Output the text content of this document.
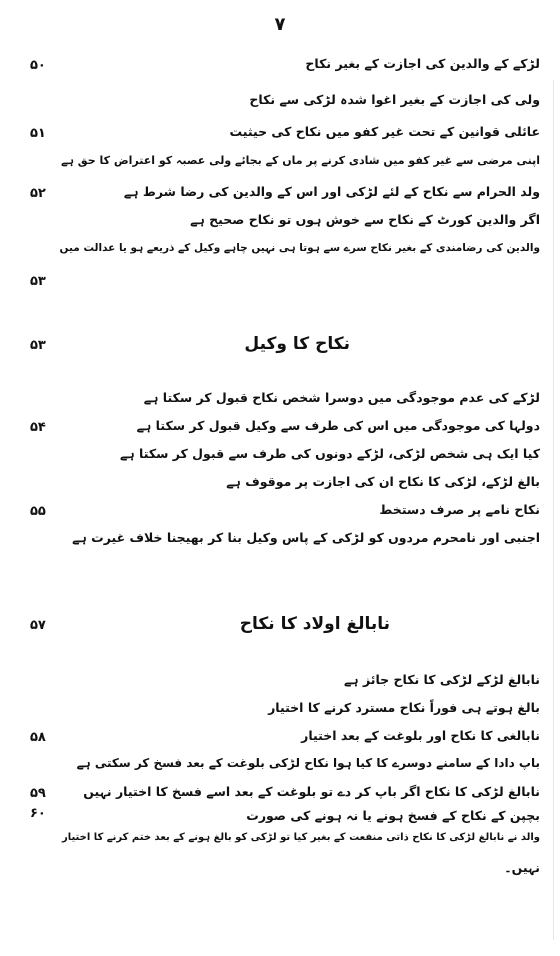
۷
لڑکے کے والدین کی اجازت کے بغیر نکاح
۵۰
ولی کی اجازت کے بغیر اغوا شدہ لڑکی سے نکاح
عائلی قوانین کے تحت غیر کفو میں نکاح کی حیثیت
۵۱
اپنی مرضی سے غیر کفو میں شادی کرنے پر ماں کے بجائے ولی عصبہ کو اعتراض کا حق ہے
ولد الحرام سے نکاح کے لئے لڑکی اور اس کے والدین کی رضا شرط ہے
۵۲
اگر والدین کورٹ کے نکاح سے خوش ہوں تو نکاح صحیح ہے
والدین کی رضامندی کے بغیر نکاح سرے سے ہوتا ہی نہیں چاہے وکیل کے ذریعے ہو یا عدالت میں
۵۳
نکاح کا وکیل
۵۳
لڑکے کی عدم موجودگی میں دوسرا شخص نکاح قبول کر سکتا ہے
دولہا کی موجودگی میں اس کی طرف سے وکیل قبول کر سکتا ہے
۵۴
کیا ایک ہی شخص لڑکی، لڑکے دونوں کی طرف سے قبول کر سکتا ہے
بالغ لڑکے، لڑکی کا نکاح ان کی اجازت پر موقوف ہے
نکاح نامے پر صرف دستخط
۵۵
اجنبی اور نامحرم مردوں کو لڑکی کے پاس وکیل بنا کر بھیجنا خلاف غیرت ہے
نابالغ اولاد کا نکاح
۵۷
نابالغ لڑکے لڑکی کا نکاح جائز ہے
بالغ ہوتے ہی فوراً نکاح مسترد کرنے کا اختیار
نابالغی کا نکاح اور بلوغت کے بعد اختیار
۵۸
باپ دادا کے سامنے دوسرے کا کیا ہوا نکاح لڑکی بلوغت کے بعد فسخ کر سکتی ہے
نابالغ لڑکی کا نکاح اگر باپ کر دے تو بلوغت کے بعد اسے فسخ کا اختیار نہیں
۵۹
بچپن کے نکاح کے فسخ ہونے یا نہ ہونے کی صورت
۶۰
والد نے نابالغ لڑکی کا نکاح ذاتی منفعت کے بغیر کیا تو لڑکی کو بالغ ہونے کے بعد ختم کرنے کا اختیار
نہیں۔
